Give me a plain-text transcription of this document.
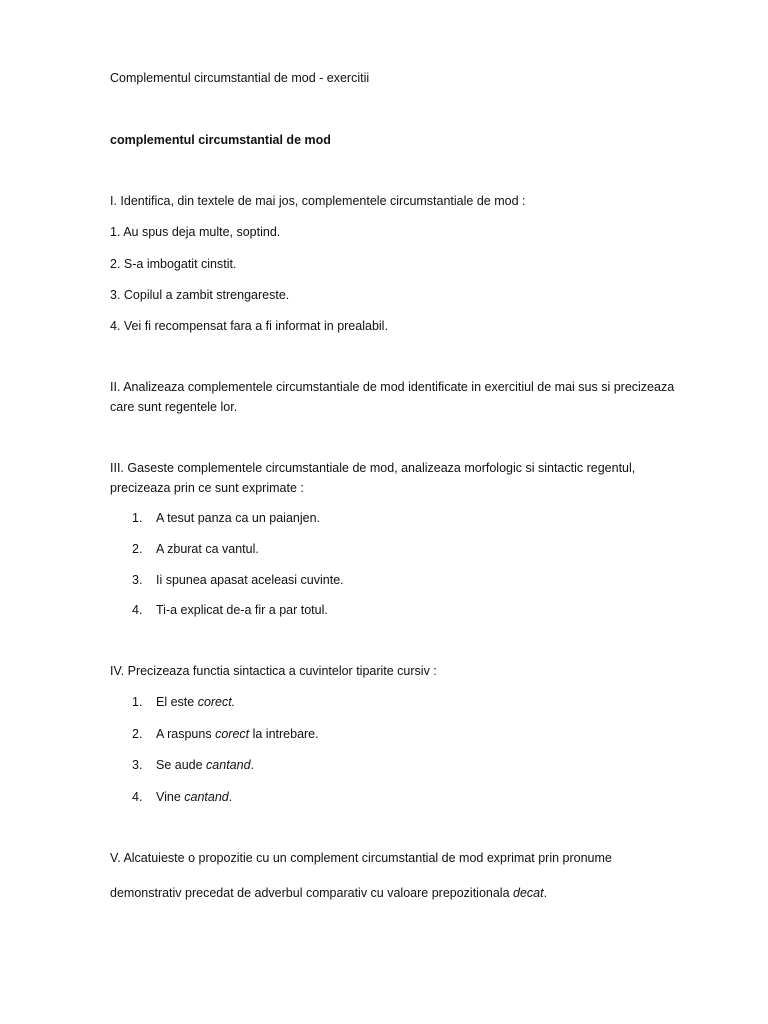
Complementul circumstantial de mod - exercitii
complementul circumstantial de mod
I. Identifica, din textele de mai jos, complementele circumstantiale de mod :
1. Au spus deja multe, soptind.
2. S-a imbogatit cinstit.
3. Copilul a zambit strengareste.
4. Vei fi recompensat fara a fi informat in prealabil.
II. Analizeaza complementele circumstantiale de mod identificate in exercitiul de mai sus si precizeaza
care sunt regentele lor.
III. Gaseste complementele circumstantiale de mod, analizeaza morfologic si sintactic regentul,
precizeaza prin ce sunt exprimate :
1.	A tesut panza ca un paianjen.
2.	A zburat ca vantul.
3.	Ii spunea apasat aceleasi cuvinte.
4.	Ti-a explicat de-a fir a par totul.
IV. Precizeaza functia sintactica a cuvintelor tiparite cursiv :
1.	El este corect.
2.	A raspuns corect la intrebare.
3.	Se aude cantand.
4.	Vine cantand.
V. Alcatuieste o propozitie cu un complement circumstantial de mod exprimat prin pronume
demonstrativ precedat de adverbul comparativ cu valoare prepozitionala decat.
